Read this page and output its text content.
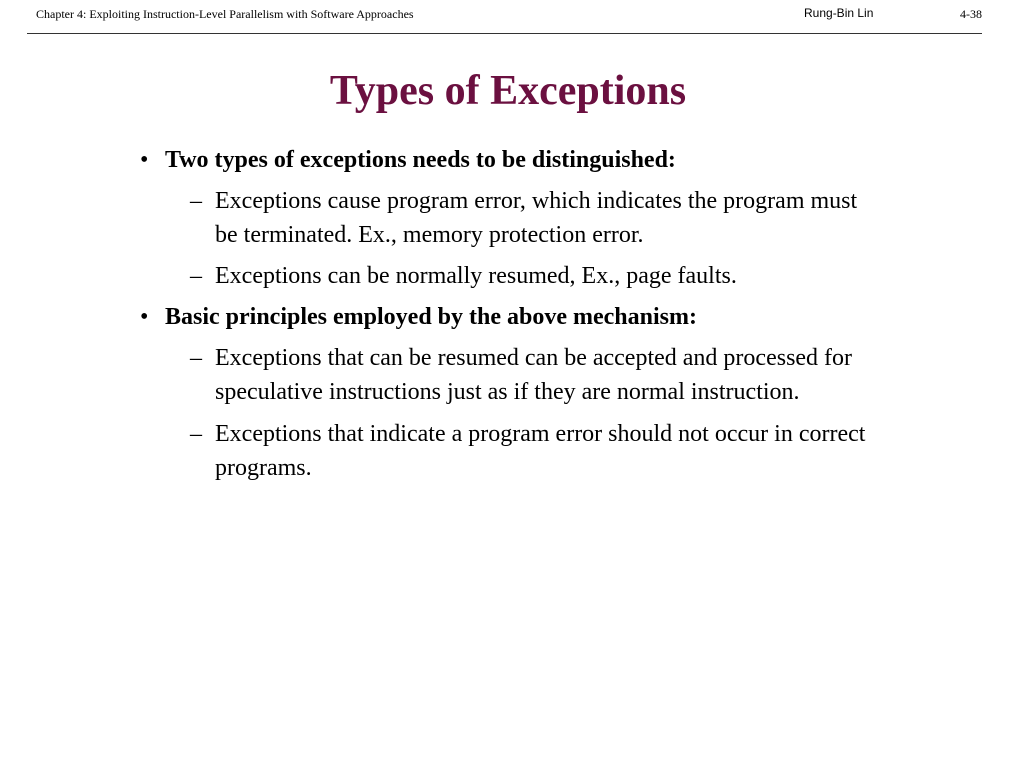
Chapter 4: Exploiting Instruction-Level Parallelism with Software Approaches	Rung-Bin Lin	4-38
Types of Exceptions
• Two types of exceptions needs to be distinguished:
– Exceptions cause program error, which indicates the program must
be terminated. Ex., memory protection error.
– Exceptions can be normally resumed, Ex., page faults.
• Basic principles employed by the above mechanism:
– Exceptions that can be resumed can be accepted and processed for
speculative instructions just as if they are normal instruction.
– Exceptions that indicate a program error should not occur in correct
programs.
